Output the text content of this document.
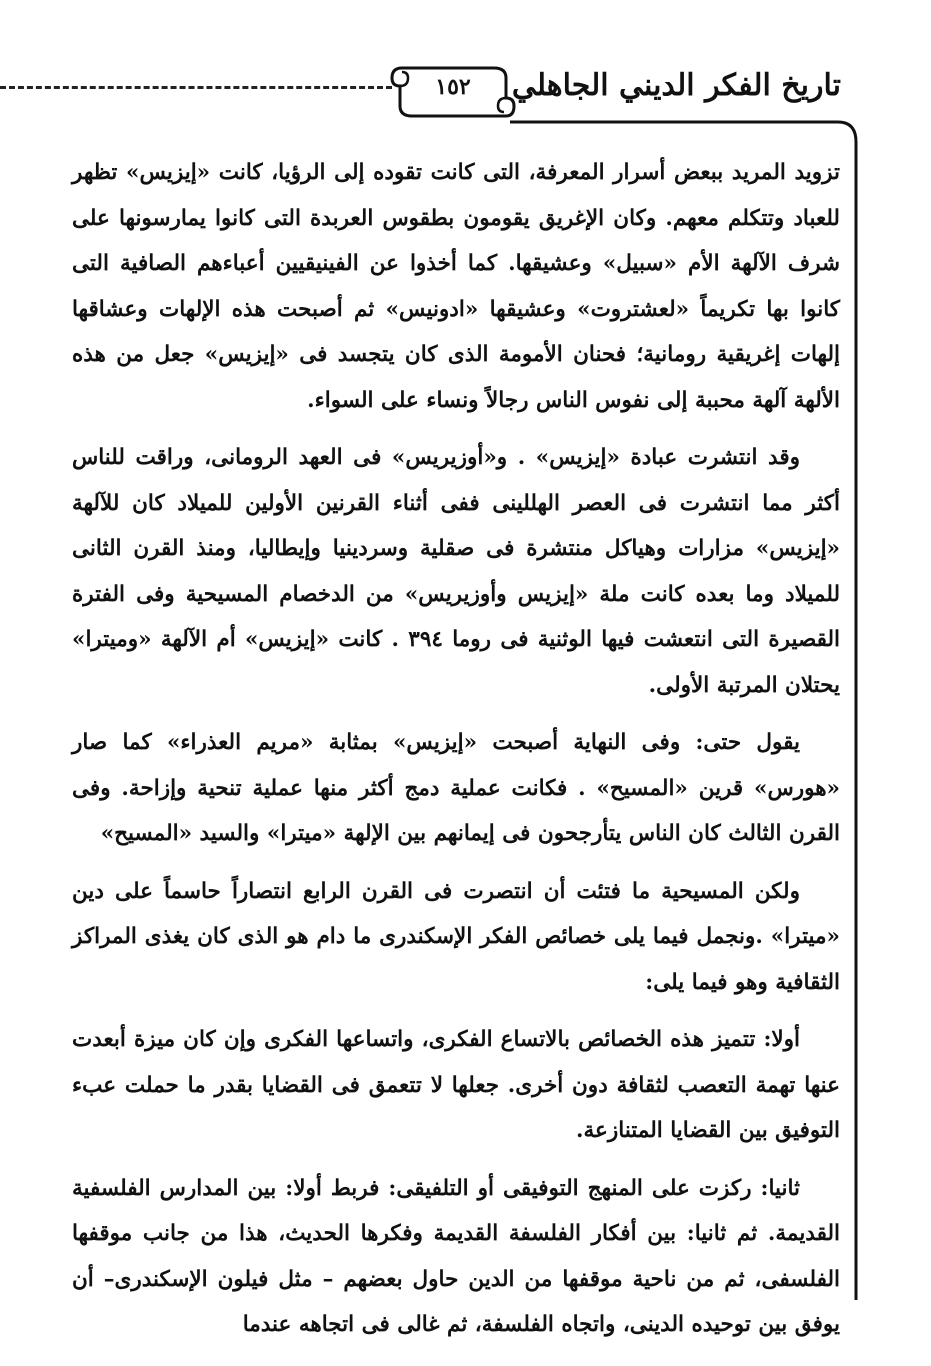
١٥٢	تاريخ الفكر الديني الجاهلي

تزويد المريد ببعض أسرار المعرفة، التى كانت تقوده إلى الرؤيا، كانت «إيزيس» تظهر للعباد وتتكلم معهم. وكان الإغريق يقومون بطقوس العربدة التى كانوا يمارسونها على شرف الآلهة الأم «سبيل» وعشيقها. كما أخذوا عن الفينيقيين أعباءهم الصافية التى كانوا بها تكريماً «لعشتروت» وعشيقها «ادونيس» ثم أصبحت هذه الإلهات وعشاقها إلهات إغريقية رومانية؛ فحنان الأمومة الذى كان يتجسد فى «إيزيس» جعل من هذه الألهة آلهة محببة إلى نفوس الناس رجالاً ونساء على السواء.

وقد انتشرت عبادة «إيزيس» . و«أوزيريس» فى العهد الرومانى، وراقت للناس أكثر مما انتشرت فى العصر الهللينى ففى أثناء القرنين الأولين للميلاد كان للآلهة «إيزيس» مزارات وهياكل منتشرة فى صقلية وسردينيا وإيطاليا، ومنذ القرن الثانى للميلاد وما بعده كانت ملة «إيزيس وأوزيريس» من الدخصام المسيحية وفى الفترة القصيرة التى انتعشت فيها الوثنية فى روما ٣٩٤ . كانت «إيزيس» أم الآلهة «وميترا» يحتلان المرتبة الأولى.

يقول حتى: وفى النهاية أصبحت «إيزيس» بمثابة «مريم العذراء» كما صار «هورس» قرين «المسيح» . فكانت عملية دمج أكثر منها عملية تنحية وإزاحة. وفى القرن الثالث كان الناس يتأرجحون فى إيمانهم بين الإلهة «ميترا» والسيد «المسيح»

ولكن المسيحية ما فتئت أن انتصرت فى القرن الرابع انتصاراً حاسماً على دين «ميترا» .ونجمل فيما يلى خصائص الفكر الإسكندرى ما دام هو الذى كان يغذى المراكز الثقافية وهو فيما يلى:

أولا: تتميز هذه الخصائص بالاتساع الفكرى، واتساعها الفكرى وإن كان ميزة أبعدت عنها تهمة التعصب لثقافة دون أخرى. جعلها لا تتعمق فى القضايا بقدر ما حملت عبء التوفيق بين القضايا المتنازعة.

ثانيا: ركزت على المنهج التوفيقى أو التلفيقى: فربط أولا: بين المدارس الفلسفية القديمة. ثم ثانيا: بين أفكار الفلسفة القديمة وفكرها الحديث، هذا من جانب موقفها الفلسفى، ثم من ناحية موقفها من الدين حاول بعضهم – مثل فيلون الإسكندرى– أن يوفق بين توحيده الدينى، واتجاه الفلسفة، ثم غالى فى اتجاهه عندما
